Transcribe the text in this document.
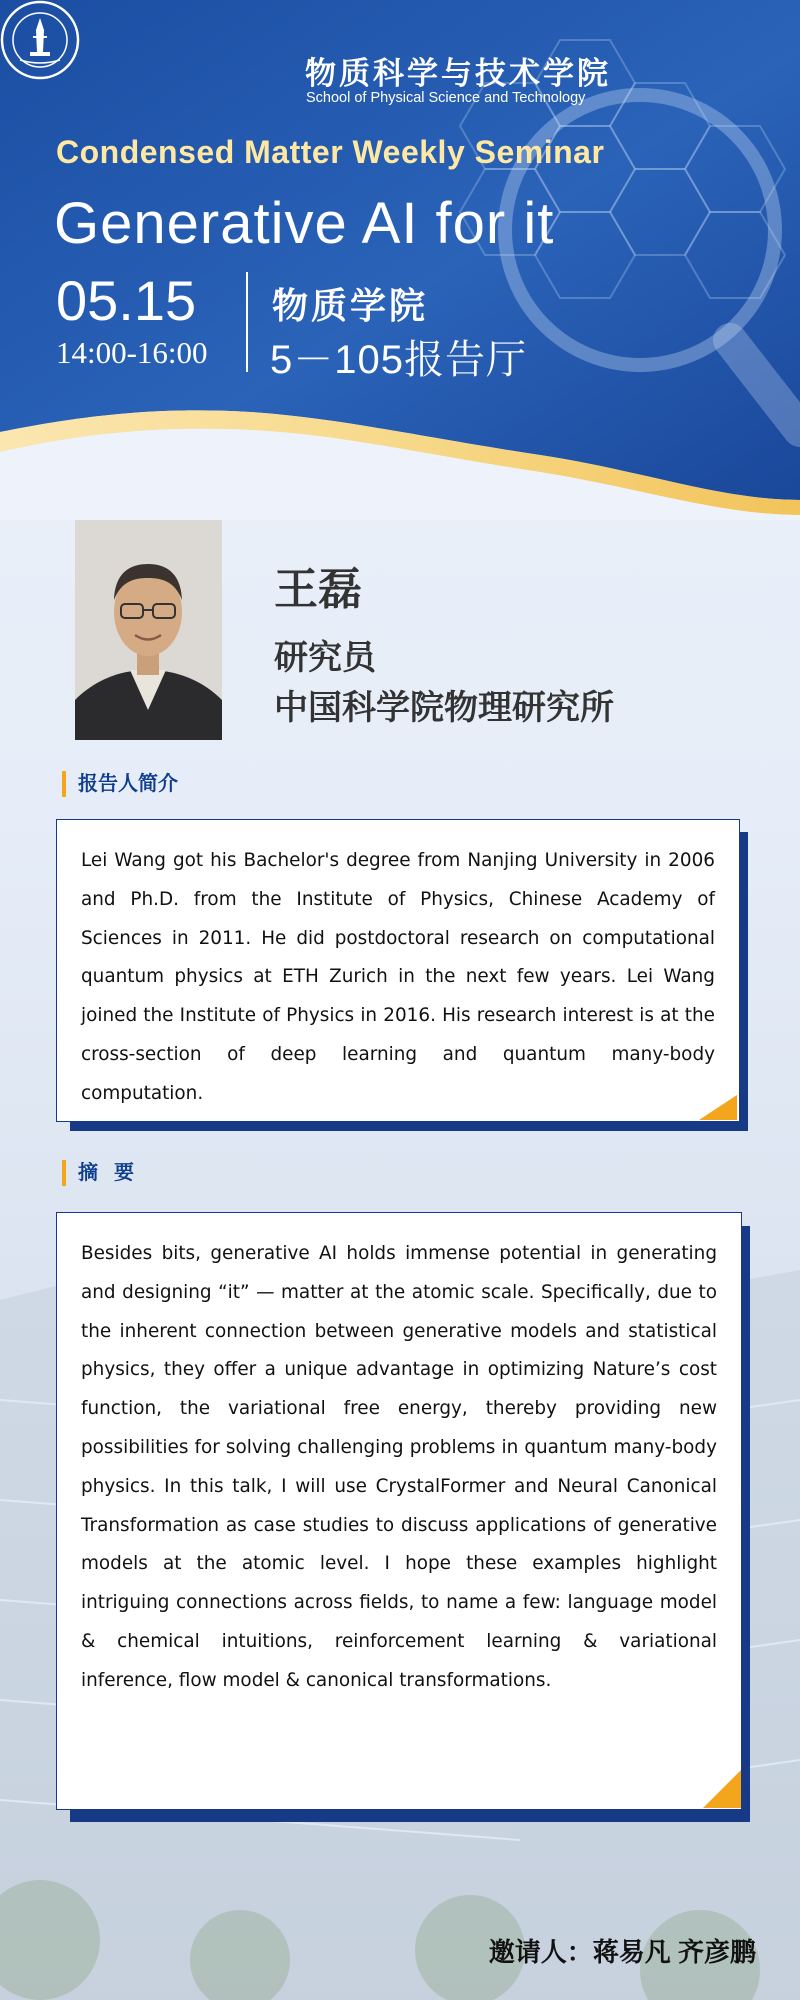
物质科学与技术学院
School of Physical Science and Technology
Condensed Matter Weekly Seminar
Generative AI for it
05.15
14:00-16:00
物质学院
5－105报告厅
王磊
研究员
中国科学院物理研究所
报告人简介

Lei Wang got his Bachelor's degree from Nanjing University in 2006 and Ph.D. from the Institute of Physics, Chinese Academy of Sciences in 2011. He did postdoctoral research on computational quantum physics at ETH Zurich in the next few years. Lei Wang joined the Institute of Physics in 2016. His research interest is at the cross-section of deep learning and quantum many-body computation.

摘要

Besides bits, generative AI holds immense potential in generating and designing “it” — matter at the atomic scale. Specifically, due to the inherent connection between generative models and statistical physics, they offer a unique advantage in optimizing Nature’s cost function, the variational free energy, thereby providing new possibilities for solving challenging problems in quantum many-body physics. In this talk, I will use CrystalFormer and Neural Canonical Transformation as case studies to discuss applications of generative models at the atomic level. I hope these examples highlight intriguing connections across fields, to name a few: language model & chemical intuitions, reinforcement learning & variational inference, flow model & canonical transformations.

邀请人：蒋易凡 齐彦鹏
